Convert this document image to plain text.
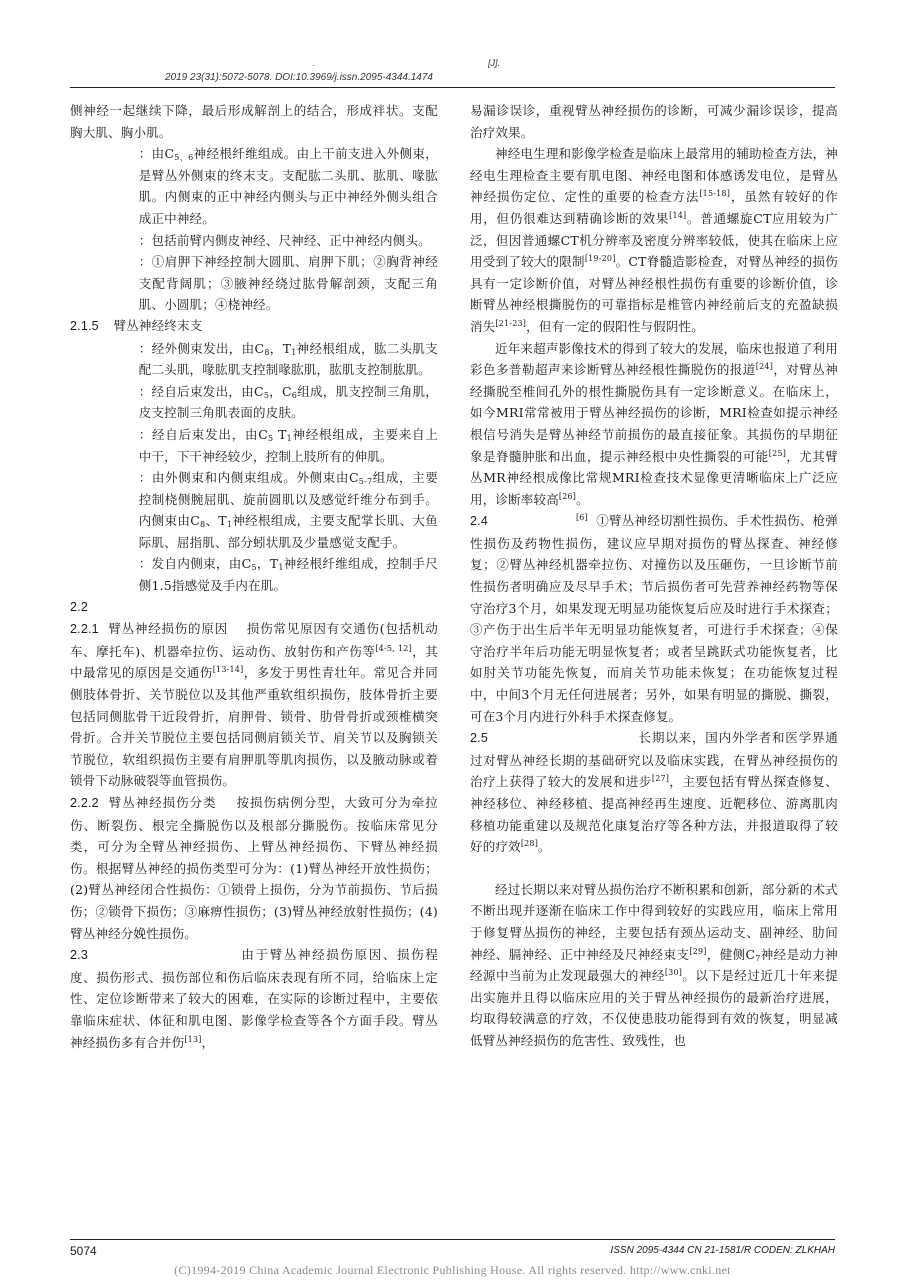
.	[J].
2019 23(31):5072-5078. DOI:10.3969/j.issn.2095-4344.1474

侧神经一起继续下降，最后形成解剖上的结合，形成袢状。支配胸大肌、胸小肌。

：由$C_{5、6}$神经根纤维组成。由上干前支进入外侧束，是臂丛外侧束的终末支。支配肱二头肌、肱肌、喙肱肌。内侧束的正中神经内侧头与正中神经外侧头组合成正中神经。

：包括前臂内侧皮神经、尺神经、正中神经内侧头。

：①肩胛下神经控制大圆肌、肩胛下肌；②胸背神经支配背阔肌；③腋神经绕过肱骨解剖颈，支配三角肌、小圆肌；④桡神经。

2.1.5    臂丛神经终末支

：经外侧束发出，由$C_8$，$T_1$神经根组成，肱二头肌支配二头肌，喙肱肌支控制喙肱肌，肱肌支控制肱肌。

：经自后束发出，由$C_5$，$C_6$组成，肌支控制三角肌，皮支控制三角肌表面的皮肤。

：经自后束发出，由$C_5$ $T_1$神经根组成，主要来自上中干，下干神经较少，控制上肢所有的伸肌。

：由外侧束和内侧束组成。外侧束由$C_{5-7}$组成，主要控制桡侧腕屈肌、旋前圆肌以及感觉纤维分布到手。内侧束由$C_8$、$T_1$神经根组成，主要支配掌长肌、大鱼际肌、屈指肌、部分蚓状肌及少量感觉支配手。

：发自内侧束，由$C_5$，$T_1$神经根纤维组成，控制手尺侧1.5指感觉及手内在肌。

2.2

2.2.1  臂丛神经损伤的原因    损伤常见原因有交通伤(包括机动车、摩托车)、机器牵拉伤、运动伤、放射伤和产伤等[4-5, 12]，其中最常见的原因是交通伤[13-14]，多发于男性青壮年。常见合并同侧肢体骨折、关节脱位以及其他严重软组织损伤，肢体骨折主要包括同侧肱骨干近段骨折，肩胛骨、锁骨、肋骨骨折或颈椎横突骨折。合并关节脱位主要包括同侧肩锁关节、肩关节以及胸锁关节脱位，软组织损伤主要有肩胛肌等肌肉损伤，以及腋动脉或着锁骨下动脉破裂等血管损伤。

2.2.2  臂丛神经损伤分类    按损伤病例分型，大致可分为牵拉伤、断裂伤、根完全撕脱伤以及根部分撕脱伤。按临床常见分类，可分为全臂丛神经损伤、上臂丛神经损伤、下臂丛神经损伤。根据臂丛神经的损伤类型可分为：(1)臂丛神经开放性损伤；(2)臂丛神经闭合性损伤：①锁骨上损伤，分为节前损伤、节后损伤；②锁骨下损伤；③麻痹性损伤；(3)臂丛神经放射性损伤；(4)臂丛神经分娩性损伤。

2.3	由于臂丛神经损伤原因、损伤程度、损伤形式、损伤部位和伤后临床表现有所不同，给临床上定性、定位诊断带来了较大的困难，在实际的诊断过程中，主要依靠临床症状、体征和肌电图、影像学检查等各个方面手段。臂丛神经损伤多有合并伤[13]，

易漏诊误诊，重视臂丛神经损伤的诊断，可减少漏诊误诊，提高治疗效果。

神经电生理和影像学检查是临床上最常用的辅助检查方法，神经电生理检查主要有肌电图、神经电图和体感诱发电位，是臂丛神经损伤定位、定性的重要的检查方法[15-18]，虽然有较好的作用，但仍很难达到精确诊断的效果[14]。普通螺旋CT应用较为广泛，但因普通螺CT机分辨率及密度分辨率较低，使其在临床上应用受到了较大的限制[19-20]。CT脊髓造影检查，对臂丛神经的损伤具有一定诊断价值，对臂丛神经根性损伤有重要的诊断价值，诊断臂丛神经根撕脱伤的可靠指标是椎管内神经前后支的充盈缺损消失[21-23]，但有一定的假阳性与假阴性。

近年来超声影像技术的得到了较大的发展，临床也报道了利用彩色多普勒超声来诊断臂丛神经根性撕脱伤的报道[24]，对臂丛神经撕脱至椎间孔外的根性撕脱伤具有一定诊断意义。在临床上，如今MRI常常被用于臂丛神经损伤的诊断，MRI检查如提示神经根信号消失是臂丛神经节前损伤的最直接征象。其损伤的早期征象是脊髓肿胀和出血，提示神经根中央性撕裂的可能[25]，尤其臂丛MR神经根成像比常规MRI检查技术显像更清晰临床上广泛应用，诊断率较高[26]。

2.4	[6]  ①臂丛神经切割性损伤、手术性损伤、枪弹性损伤及药物性损伤，建议应早期对损伤的臂丛探查、神经修复；②臂丛神经机器牵拉伤、对撞伤以及压砸伤，一旦诊断节前性损伤者明确应及尽早手术；节后损伤者可先营养神经药物等保守治疗3个月，如果发现无明显功能恢复后应及时进行手术探查；③产伤于出生后半年无明显功能恢复者，可进行手术探查；④保守治疗半年后功能无明显恢复者；或者呈跳跃式功能恢复者，比如肘关节功能先恢复，而肩关节功能未恢复；在功能恢复过程中，中间3个月无任何进展者；另外，如果有明显的撕脱、撕裂，可在3个月内进行外科手术探查修复。

2.5	长期以来，国内外学者和医学界通过对臂丛神经长期的基础研究以及临床实践，在臂丛神经损伤的治疗上获得了较大的发展和进步[27]，主要包括有臂丛探查修复、神经移位、神经移植、提高神经再生速度、近靶移位、游离肌肉移植功能重建以及规范化康复治疗等各种方法，并报道取得了较好的疗效[28]。

经过长期以来对臂丛损伤治疗不断积累和创新，部分新的术式不断出现并逐渐在临床工作中得到较好的实践应用，临床上常用于修复臂丛损伤的神经，主要包括有颈丛运动支、副神经、肋间神经、膈神经、正中神经及尺神经束支[29]，健侧$C_7$神经是动力神经源中当前为止发现最强大的神经[30]。以下是经过近几十年来提出实施并且得以临床应用的关于臂丛神经损伤的最新治疗进展，均取得较满意的疗效，不仅使患肢功能得到有效的恢复，明显减低臂丛神经损伤的危害性、致残性，也

5074	ISSN 2095-4344 CN 21-1581/R CODEN: ZLKHAH
(C)1994-2019 China Academic Journal Electronic Publishing House. All rights reserved. http://www.cnki.net
